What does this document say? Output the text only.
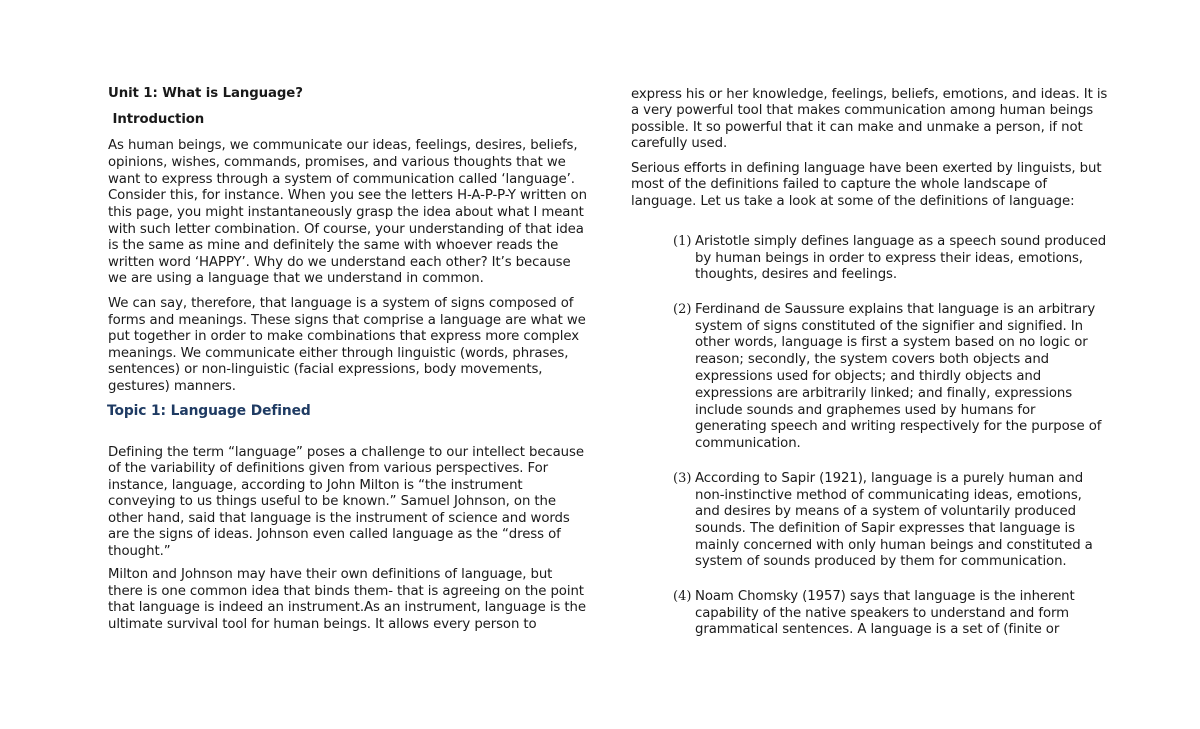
Unit 1: What is Language?
Introduction
As human beings, we communicate our ideas, feelings, desires, beliefs,
opinions, wishes, commands, promises, and various thoughts that we
want to express through a system of communication called ‘language’.
Consider this, for instance. When you see the letters H-A-P-P-Y written on
this page, you might instantaneously grasp the idea about what I meant
with such letter combination. Of course, your understanding of that idea
is the same as mine and definitely the same with whoever reads the
written word ‘HAPPY’. Why do we understand each other? It’s because
we are using a language that we understand in common.
We can say, therefore, that language is a system of signs composed of
forms and meanings. These signs that comprise a language are what we
put together in order to make combinations that express more complex
meanings. We communicate either through linguistic (words, phrases,
sentences) or non-linguistic (facial expressions, body movements,
gestures) manners.
Topic 1: Language Defined
Defining the term “language” poses a challenge to our intellect because
of the variability of definitions given from various perspectives. For
instance, language, according to John Milton is “the instrument
conveying to us things useful to be known.” Samuel Johnson, on the
other hand, said that language is the instrument of science and words
are the signs of ideas. Johnson even called language as the “dress of
thought.”
Milton and Johnson may have their own definitions of language, but
there is one common idea that binds them- that is agreeing on the point
that language is indeed an instrument.As an instrument, language is the
ultimate survival tool for human beings. It allows every person to
express his or her knowledge, feelings, beliefs, emotions, and ideas. It is
a very powerful tool that makes communication among human beings
possible. It so powerful that it can make and unmake a person, if not
carefully used.
Serious efforts in defining language have been exerted by linguists, but
most of the definitions failed to capture the whole landscape of
language. Let us take a look at some of the definitions of language:
(1) Aristotle simply defines language as a speech sound produced
by human beings in order to express their ideas, emotions,
thoughts, desires and feelings.
(2) Ferdinand de Saussure explains that language is an arbitrary
system of signs constituted of the signifier and signified. In
other words, language is first a system based on no logic or
reason; secondly, the system covers both objects and
expressions used for objects; and thirdly objects and
expressions are arbitrarily linked; and finally, expressions
include sounds and graphemes used by humans for
generating speech and writing respectively for the purpose of
communication.
(3) According to Sapir (1921), language is a purely human and
non-instinctive method of communicating ideas, emotions,
and desires by means of a system of voluntarily produced
sounds. The definition of Sapir expresses that language is
mainly concerned with only human beings and constituted a
system of sounds produced by them for communication.
(4) Noam Chomsky (1957) says that language is the inherent
capability of the native speakers to understand and form
grammatical sentences. A language is a set of (finite or
